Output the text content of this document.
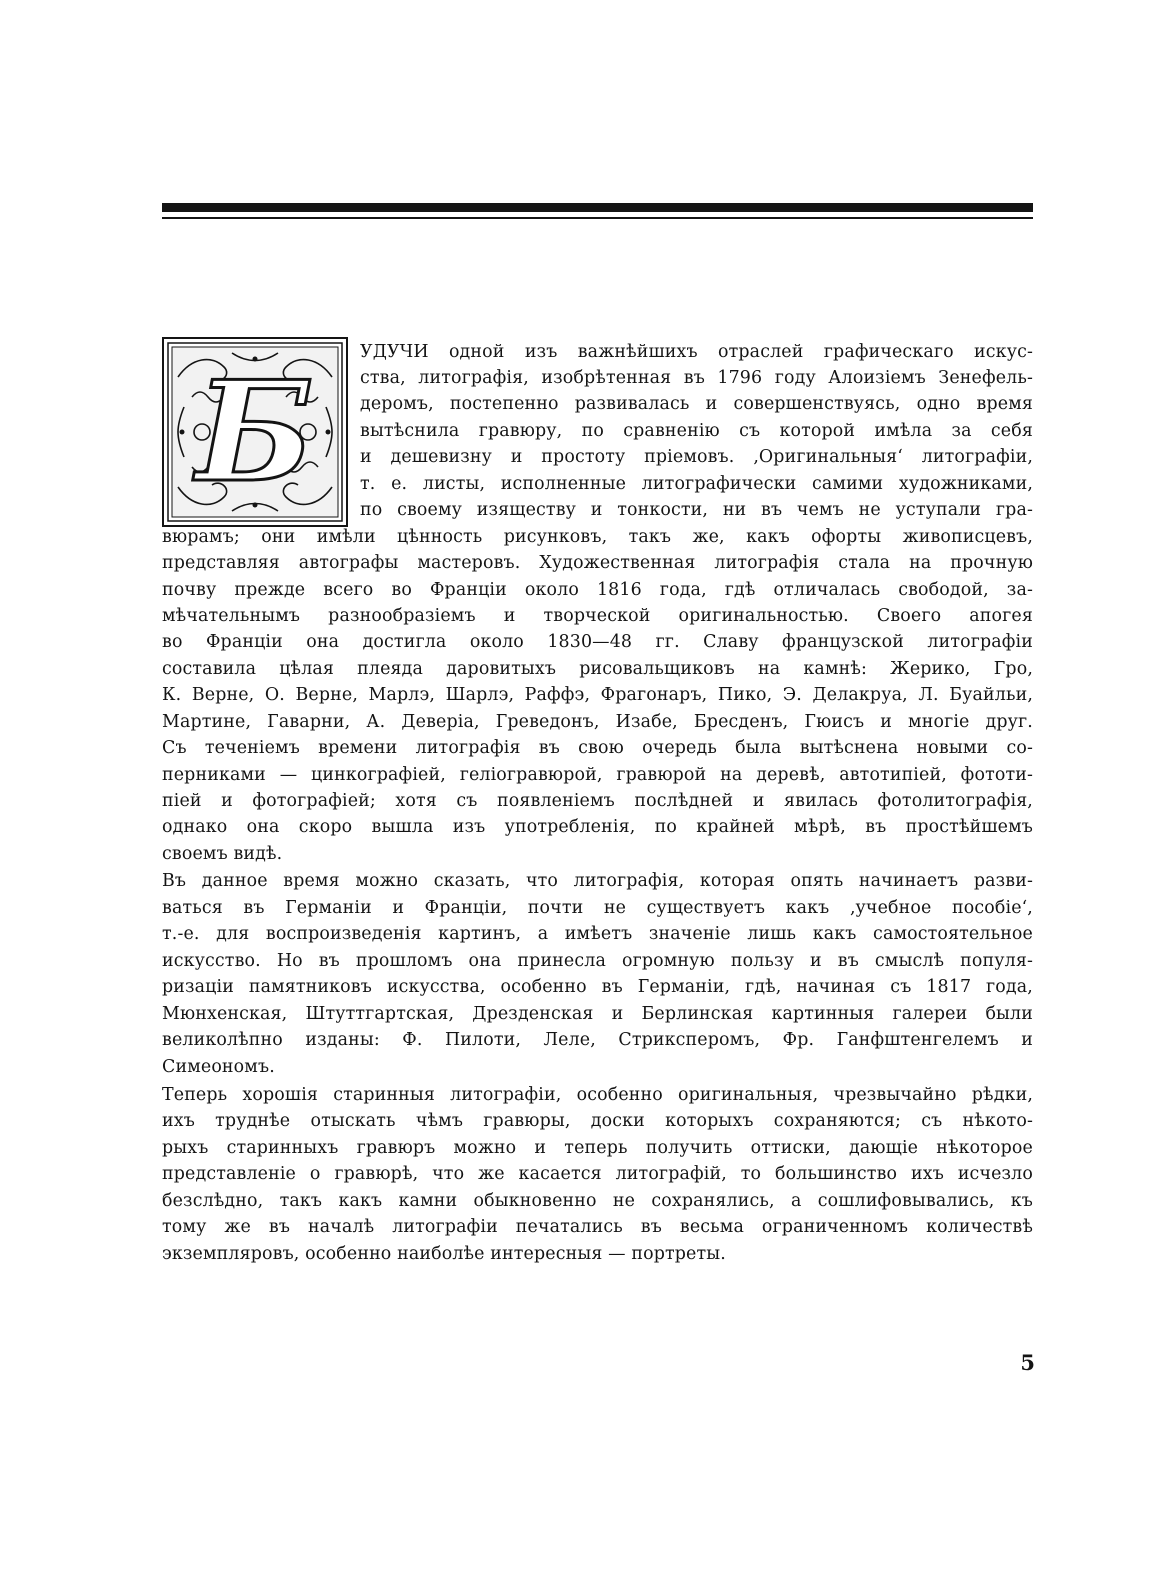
Б	УДУЧИ одной изъ важнѣйшихъ отраслей графическаго искус-
ства, литографія, изобрѣтенная въ 1796 году Алоизіемъ Зенефель-
деромъ, постепенно развивалась и совершенствуясь, одно время
вытѣснила гравюру, по сравненію съ которой имѣла за себя
и дешевизну и простоту пріемовъ. ‚Оригинальныя‘ литографіи,
т. е. листы, исполненные литографически самими художниками,
по своему изяществу и тонкости, ни въ чемъ не уступали гра-
вюрамъ; они имѣли цѣнность рисунковъ, такъ же, какъ офорты живописцевъ,
представляя автографы мастеровъ. Художественная литографія стала на прочную
почву прежде всего во Франціи около 1816 года, гдѣ отличалась свободой, за-
мѣчательнымъ разнообразіемъ и творческой оригинальностью. Своего апогея
во Франціи она достигла около 1830—48 гг. Славу французской литографіи
составила цѣлая плеяда даровитыхъ рисовальщиковъ на камнѣ: Жерико, Гро,
К. Верне, О. Верне, Марлэ, Шарлэ, Раффэ, Фрагонаръ, Пико, Э. Делакруа, Л. Буайльи,
Мартине, Гаварни, А. Деверіа, Греведонъ, Изабе, Бресденъ, Гюисъ и многіе друг.
Съ теченіемъ времени литографія въ свою очередь была вытѣснена новыми со-
перниками — цинкографіей, геліогравюрой, гравюрой на деревѣ, автотипіей, фототи-
піей и фотографіей; хотя съ появленіемъ послѣдней и явилась фотолитографія,
однако она скоро вышла изъ употребленія, по крайней мѣрѣ, въ простѣйшемъ
своемъ видѣ.
Въ данное время можно сказать, что литографія, которая опять начинаетъ разви-
ваться въ Германіи и Франціи, почти не существуетъ какъ ‚учебное пособіе‘,
т.-е. для воспроизведенія картинъ, а имѣетъ значеніе лишь какъ самостоятельное
искусство. Но въ прошломъ она принесла огромную пользу и въ смыслѣ популя-
ризаціи памятниковъ искусства, особенно въ Германіи, гдѣ, начиная съ 1817 года,
Мюнхенская, Штуттгартская, Дрезденская и Берлинская картинныя галереи были
великолѣпно изданы: Ф. Пилоти, Леле, Стриксперомъ, Фр. Ганфштенгелемъ и
Симеономъ.
Теперь хорошія старинныя литографіи, особенно оригинальныя, чрезвычайно рѣдки,
ихъ труднѣе отыскать чѣмъ гравюры, доски которыхъ сохраняются; съ нѣкото-
рыхъ старинныхъ гравюръ можно и теперь получить оттиски, дающіе нѣкоторое
представленіе о гравюрѣ, что же касается литографій, то большинство ихъ исчезло
безслѣдно, такъ какъ камни обыкновенно не сохранялись, а сошлифовывались, къ
тому же въ началѣ литографіи печатались въ весьма ограниченномъ количествѣ
экземпляровъ, особенно наиболѣе интересныя — портреты.
5
